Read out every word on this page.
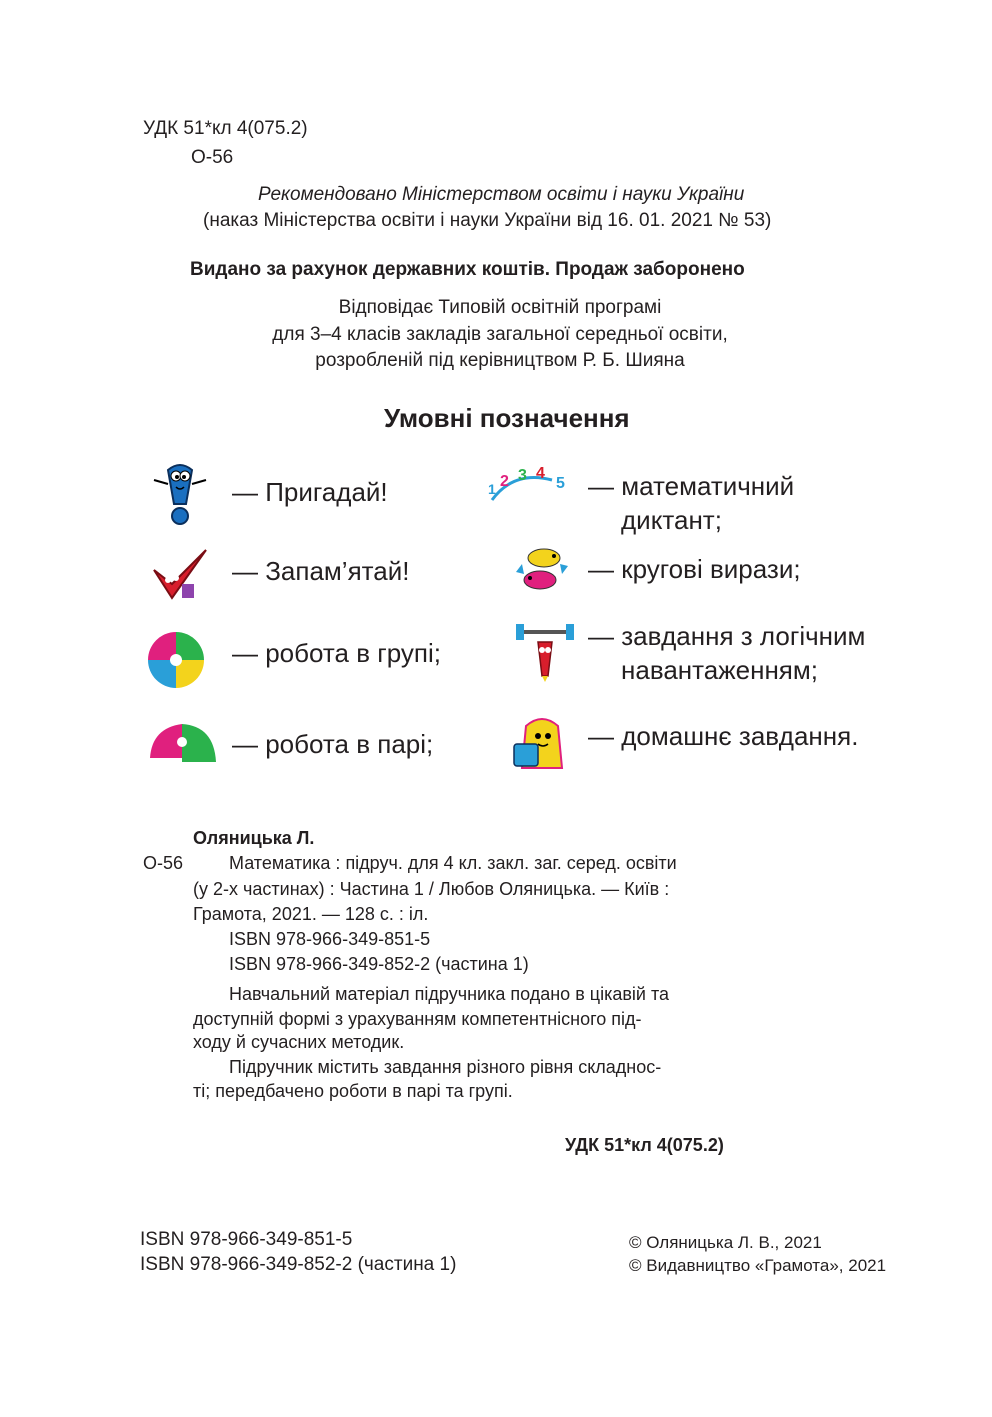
УДК 51*кл 4(075.2)
О-56
Рекомендовано Міністерством освіти і науки України
(наказ Міністерства освіти і науки України від 16. 01. 2021 № 53)
Видано за рахунок державних коштів. Продаж заборонено
Відповідає Типовій освітній програмі
для 3–4 класів закладів загальної середньої освіти,
розробленій під керівництвом Р. Б. Шияна
Умовні позначення
— Пригадай!
— Запам’ятай!
— робота в групі;
— робота в парі;
1 2 3 4
5 — математичний
диктант;
— кругові вирази;
— завдання з логічним
навантаженням;
— домашнє завдання.
Оляницька Л.
О-56	Математика : підруч. для 4 кл. закл. заг. серед. освіти
(у 2-х частинах) : Частина 1 / Любов Оляницька. — Київ :
Грамота, 2021. — 128 с. : іл.
ISBN 978-966-349-851-5
ISBN 978-966-349-852-2 (частина 1)
Навчальний матеріал підручника подано в цікавій та
доступній формі з урахуванням компетентнісного під-
ходу й сучасних методик.
Підручник містить завдання різного рівня складнос-
ті; передбачено роботи в парі та групі.
УДК 51*кл 4(075.2)
ISBN 978-966-349-851-5
ISBN 978-966-349-852-2 (частина 1)
© Оляницька Л. В., 2021
© Видавництво «Грамота», 2021
